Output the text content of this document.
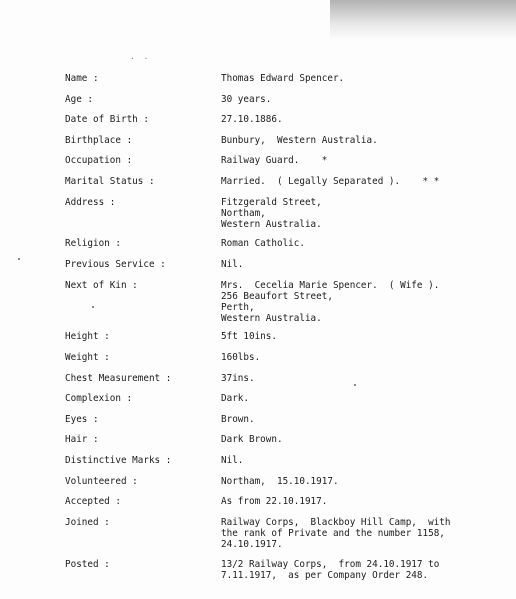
· ·
Name :	Thomas Edward Spencer.
Age :	30 years.
Date of Birth :	27.10.1886.
Birthplace :	Bunbury,  Western Australia.
Occupation :	Railway Guard.    *
Marital Status :	Married.  ( Legally Separated ).    * *
Address :	Fitzgerald Street,
Northam,
Western Australia.
Religion :	Roman Catholic.
Previous Service :	Nil.
Next of Kin :	Mrs.  Cecelia Marie Spencer.  ( Wife ).
256 Beaufort Street,
Perth,
Western Australia.
Height :	5ft 10ins.
Weight :	160lbs.
Chest Measurement :	37ins.
Complexion :	Dark.
Eyes :	Brown.
Hair :	Dark Brown.
Distinctive Marks :	Nil.
Volunteered :	Northam,  15.10.1917.
Accepted :	As from 22.10.1917.
Joined :	Railway Corps,  Blackboy Hill Camp,  with
the rank of Private and the number 1158,
24.10.1917.
Posted :	13/2 Railway Corps,  from 24.10.1917 to
7.11.1917,  as per Company Order 248.
